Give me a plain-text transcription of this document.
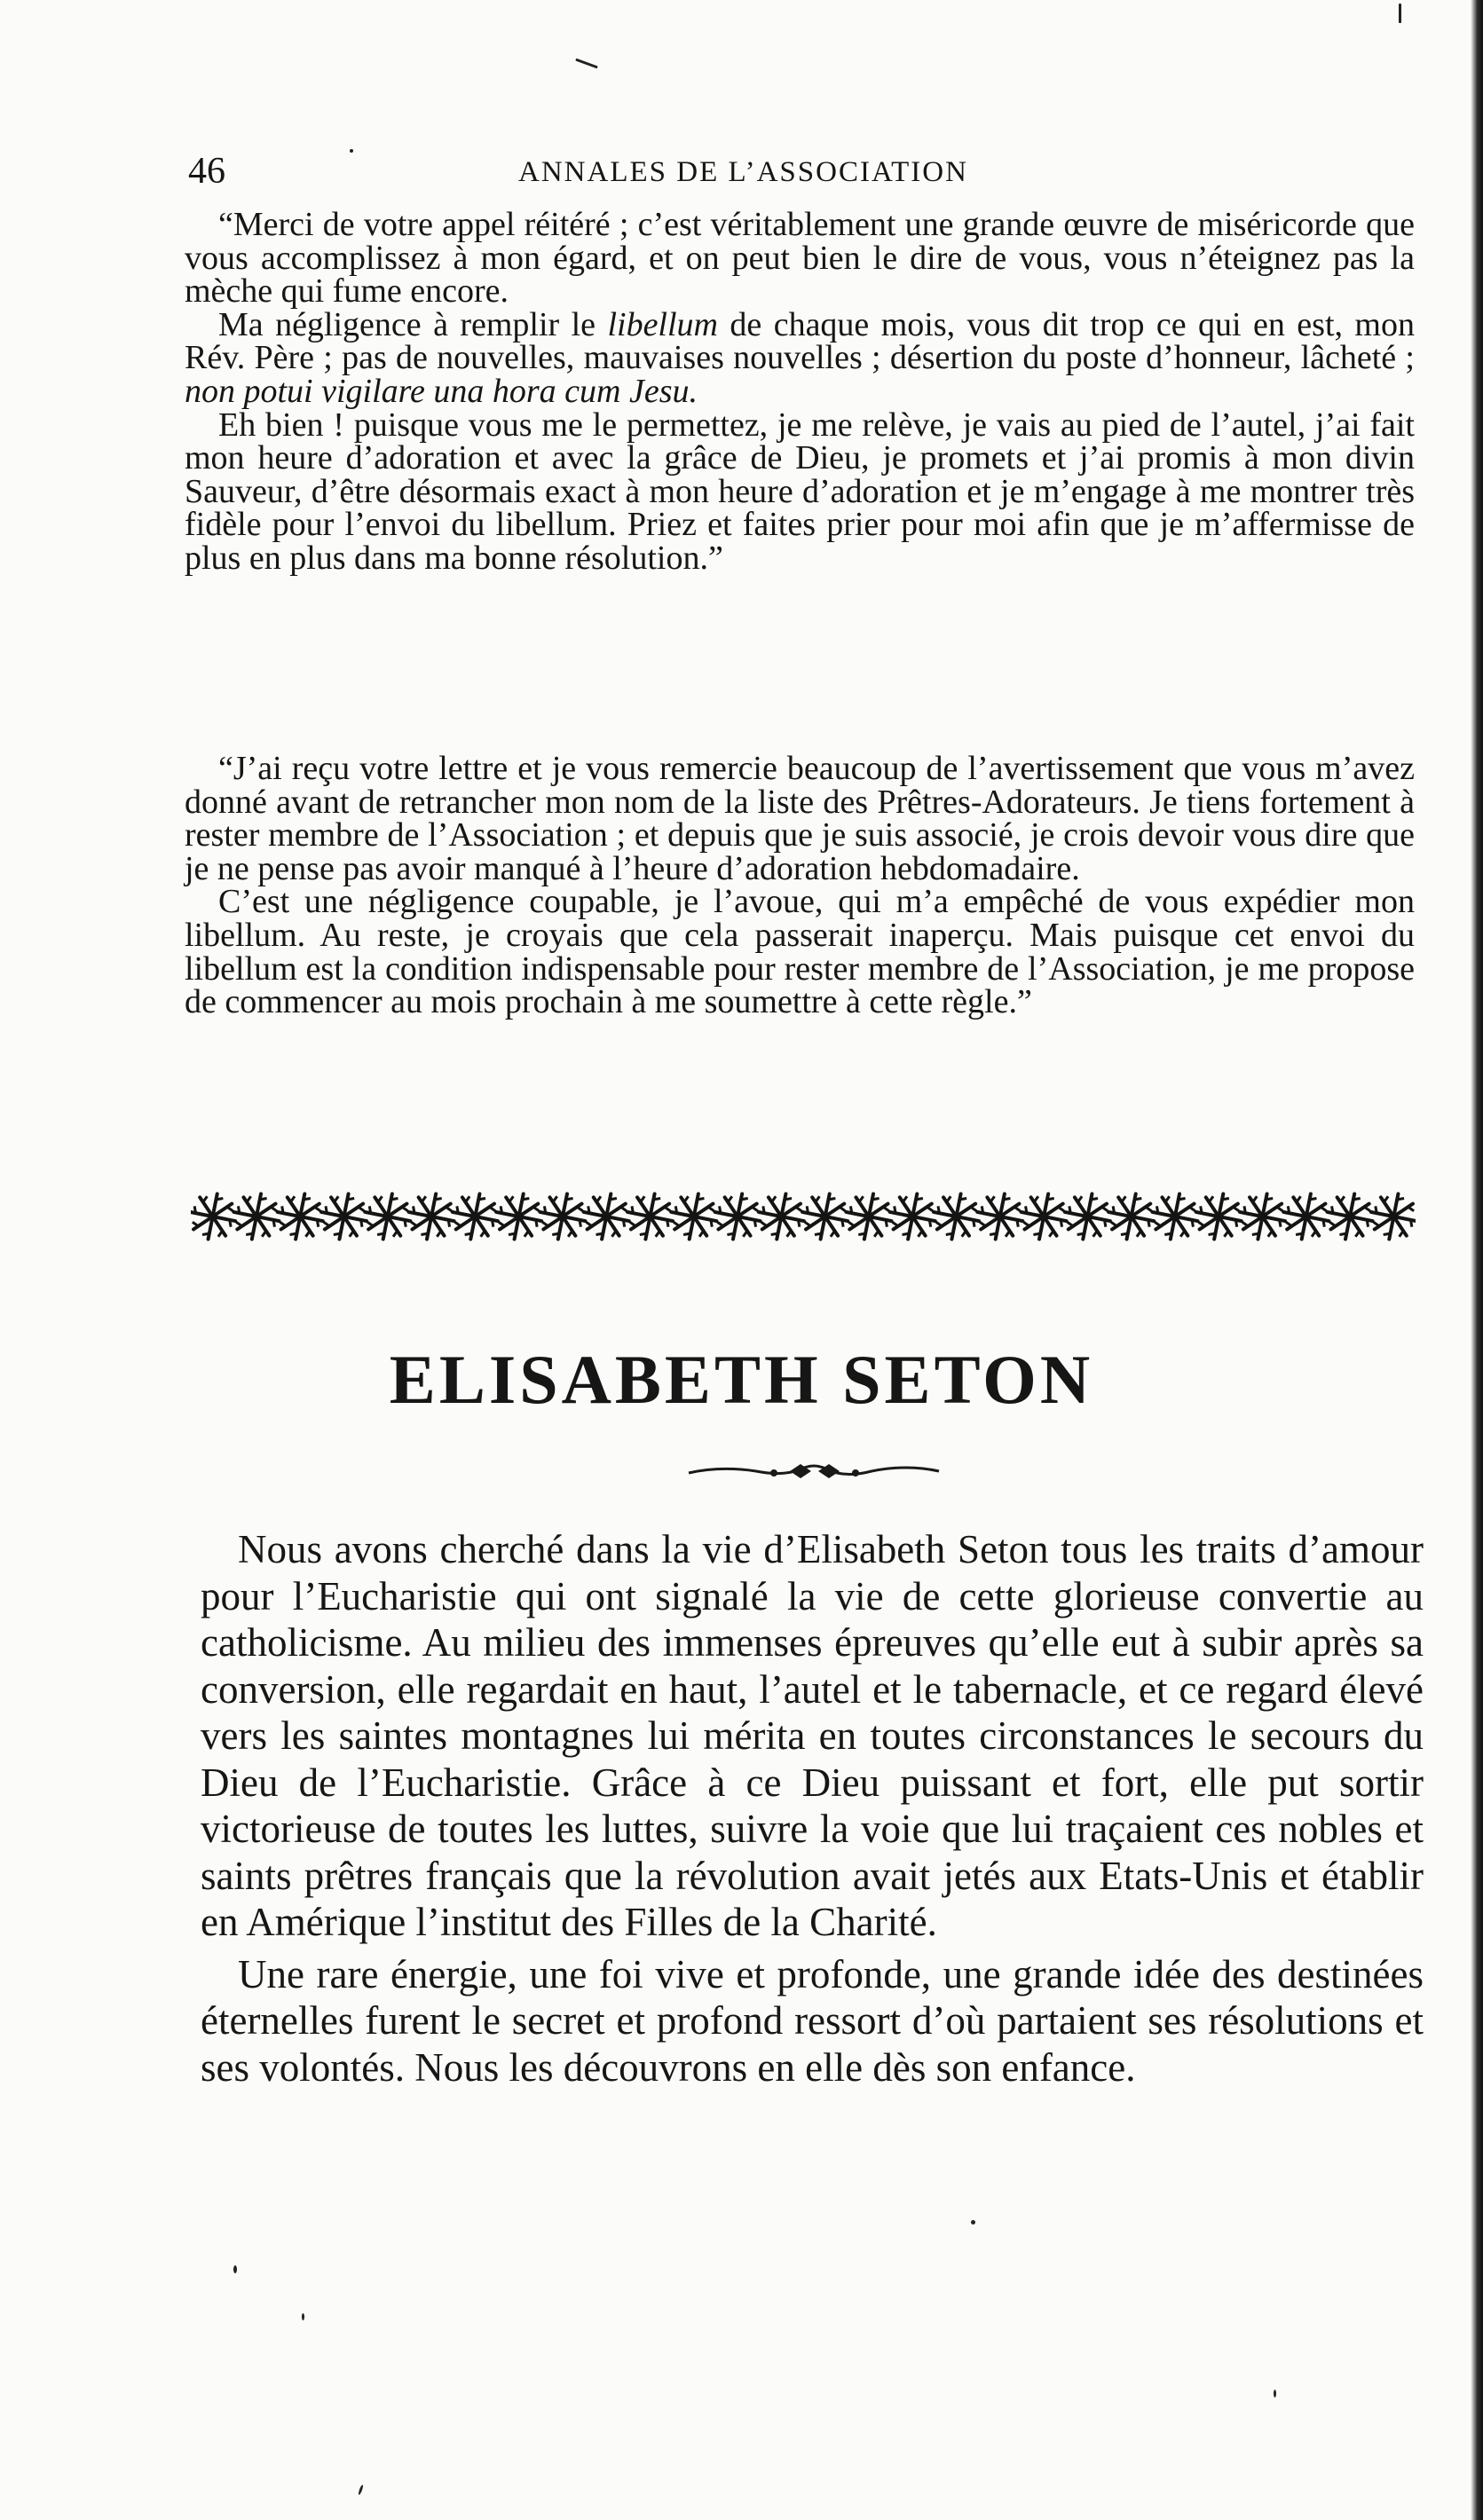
46	ANNALES DE L’ASSOCIATION

“Merci de votre appel réitéré ; c’est véritablement une grande œuvre de miséricorde que vous accomplissez à mon égard, et on peut bien le dire de vous, vous n’éteignez pas la mèche qui fume encore.

Ma négligence à remplir le libellum de chaque mois, vous dit trop ce qui en est, mon Rév. Père ; pas de nouvelles, mauvaises nouvelles ; désertion du poste d’honneur, lâcheté ; non potui vigilare una hora cum Jesu.

Eh bien ! puisque vous me le permettez, je me relève, je vais au pied de l’autel, j’ai fait mon heure d’adoration et avec la grâce de Dieu, je promets et j’ai promis à mon divin Sauveur, d’être désormais exact à mon heure d’adoration et je m’engage à me montrer très fidèle pour l’envoi du libellum. Priez et faites prier pour moi afin que je m’affermisse de plus en plus dans ma bonne résolution.”

“J’ai reçu votre lettre et je vous remercie beaucoup de l’avertissement que vous m’avez donné avant de retrancher mon nom de la liste des Prêtres-Adorateurs. Je tiens fortement à rester membre de l’Association ; et depuis que je suis associé, je crois devoir vous dire que je ne pense pas avoir manqué à l’heure d’adoration hebdomadaire.

C’est une négligence coupable, je l’avoue, qui m’a empêché de vous expédier mon libellum. Au reste, je croyais que cela passerait inaperçu. Mais puisque cet envoi du libellum est la condition indispensable pour rester membre de l’Association, je me propose de commencer au mois prochain à me soumettre à cette règle.”

ELISABETH SETON

Nous avons cherché dans la vie d’Elisabeth Seton tous les traits d’amour pour l’Eucharistie qui ont signalé la vie de cette glorieuse convertie au catholicisme. Au milieu des immenses épreuves qu’elle eut à subir après sa conversion, elle regardait en haut, l’autel et le tabernacle, et ce regard élevé vers les saintes montagnes lui mérita en toutes circonstances le secours du Dieu de l’Eucharistie. Grâce à ce Dieu puissant et fort, elle put sortir victorieuse de toutes les luttes, suivre la voie que lui traçaient ces nobles et saints prêtres français que la révolution avait jetés aux Etats-Unis et établir en Amérique l’institut des Filles de la Charité.

Une rare énergie, une foi vive et profonde, une grande idée des destinées éternelles furent le secret et profond ressort d’où partaient ses résolutions et ses volontés. Nous les découvrons en elle dès son enfance.
